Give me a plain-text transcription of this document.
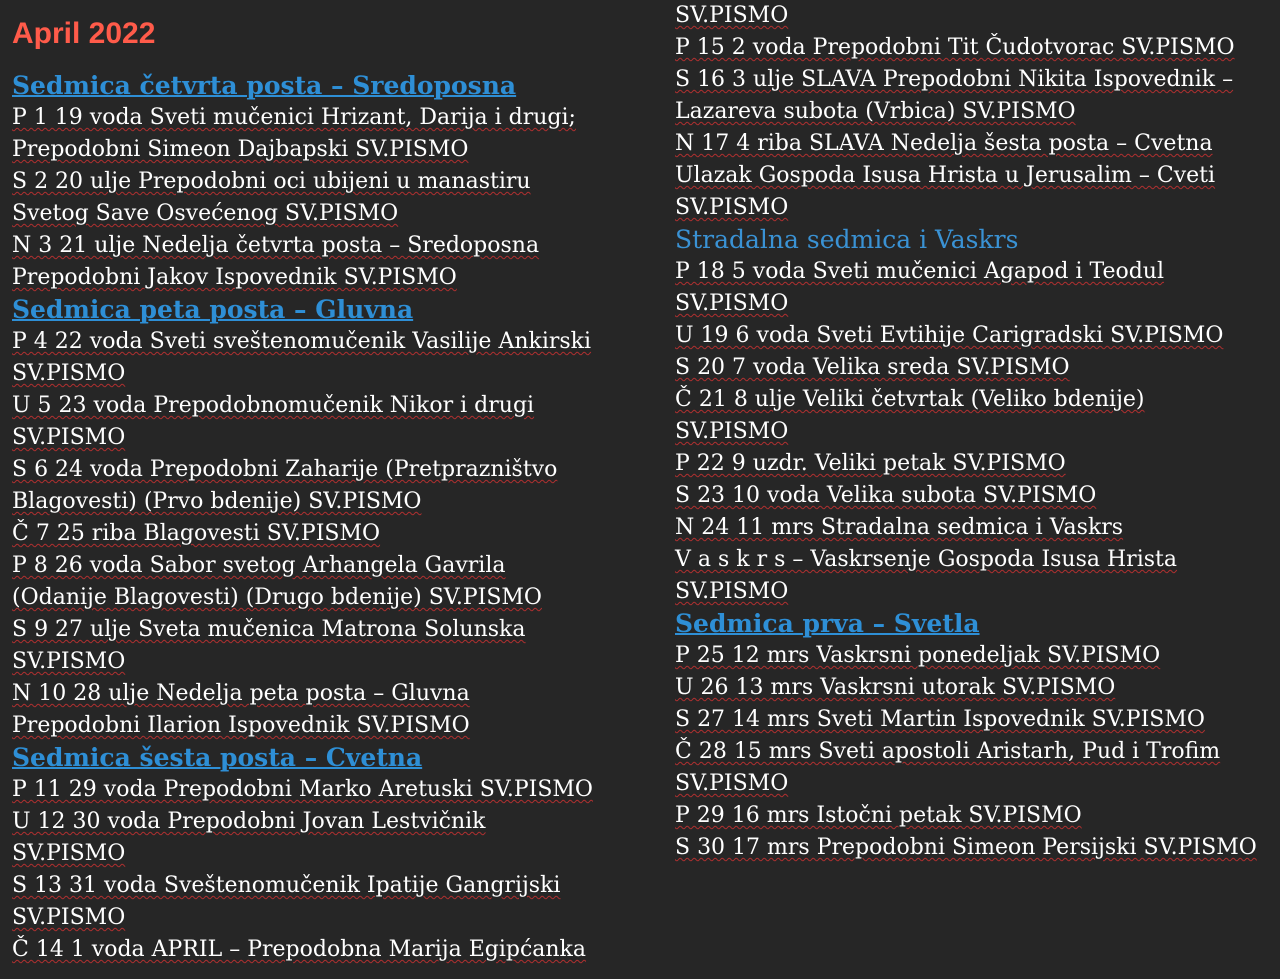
April 2022
Sedmica četvrta posta – Sredoposna
P 1 19 voda Sveti mučenici Hrizant, Darija i drugi;
Prepodobni Simeon Dajbapski SV.PISMO
S 2 20 ulje Prepodobni oci ubijeni u manastiru
Svetog Save Osvećenog SV.PISMO
N 3 21 ulje Nedelja četvrta posta – Sredoposna
Prepodobni Jakov Ispovednik SV.PISMO
Sedmica peta posta – Gluvna
P 4 22 voda Sveti sveštenomučenik Vasilije Ankirski
SV.PISMO
U 5 23 voda Prepodobnomučenik Nikor i drugi
SV.PISMO
S 6 24 voda Prepodobni Zaharije (Pretprazništvo
Blagovesti) (Prvo bdenije) SV.PISMO
Č 7 25 riba Blagovesti SV.PISMO
P 8 26 voda Sabor svetog Arhangela Gavrila
(Odanije Blagovesti) (Drugo bdenije) SV.PISMO
S 9 27 ulje Sveta mučenica Matrona Solunska
SV.PISMO
N 10 28 ulje Nedelja peta posta – Gluvna
Prepodobni Ilarion Ispovednik SV.PISMO
Sedmica šesta posta – Cvetna
P 11 29 voda Prepodobni Marko Aretuski SV.PISMO
U 12 30 voda Prepodobni Jovan Lestvičnik
SV.PISMO
S 13 31 voda Sveštenomučenik Ipatije Gangrijski
SV.PISMO
Č 14 1 voda APRIL – Prepodobna Marija Egipćanka
SV.PISMO
P 15 2 voda Prepodobni Tit Čudotvorac SV.PISMO
S 16 3 ulje SLAVA Prepodobni Nikita Ispovednik –
Lazareva subota (Vrbica) SV.PISMO
N 17 4 riba SLAVA Nedelja šesta posta – Cvetna
Ulazak Gospoda Isusa Hrista u Jerusalim – Cveti
SV.PISMO
Stradalna sedmica i Vaskrs
P 18 5 voda Sveti mučenici Agapod i Teodul
SV.PISMO
U 19 6 voda Sveti Evtihije Carigradski SV.PISMO
S 20 7 voda Velika sreda SV.PISMO
Č 21 8 ulje Veliki četvrtak (Veliko bdenije)
SV.PISMO
P 22 9 uzdr. Veliki petak SV.PISMO
S 23 10 voda Velika subota SV.PISMO
N 24 11 mrs Stradalna sedmica i Vaskrs
V a s k r s – Vaskrsenje Gospoda Isusa Hrista
SV.PISMO
Sedmica prva – Svetla
P 25 12 mrs Vaskrsni ponedeljak SV.PISMO
U 26 13 mrs Vaskrsni utorak SV.PISMO
S 27 14 mrs Sveti Martin Ispovednik SV.PISMO
Č 28 15 mrs Sveti apostoli Aristarh, Pud i Trofim
SV.PISMO
P 29 16 mrs Istočni petak SV.PISMO
S 30 17 mrs Prepodobni Simeon Persijski SV.PISMO
